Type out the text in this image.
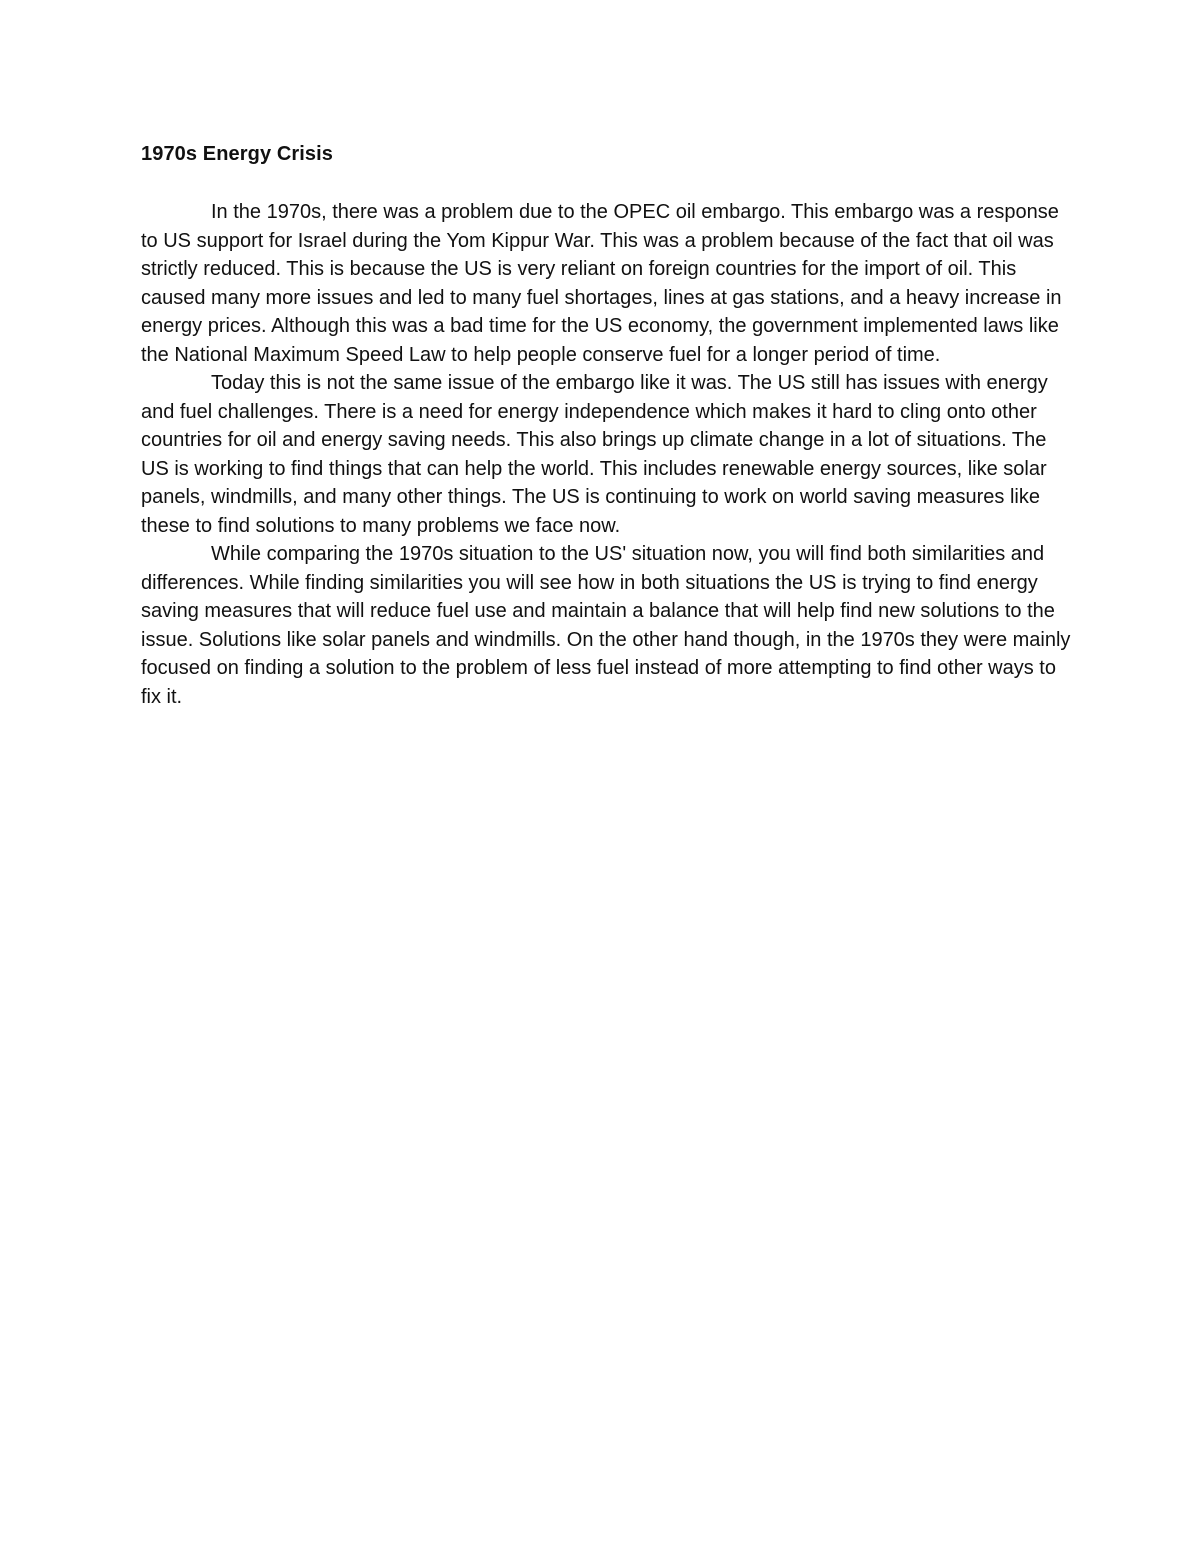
1970s Energy Crisis

In the 1970s, there was a problem due to the OPEC oil embargo. This embargo was a response to US support for Israel during the Yom Kippur War. This was a problem because of the fact that oil was strictly reduced. This is because the US is very reliant on foreign countries for the import of oil. This caused many more issues and led to many fuel shortages, lines at gas stations, and a heavy increase in energy prices. Although this was a bad time for the US economy, the government implemented laws like the National Maximum Speed Law to help people conserve fuel for a longer period of time.

Today this is not the same issue of the embargo like it was. The US still has issues with energy and fuel challenges. There is a need for energy independence which makes it hard to cling onto other countries for oil and energy saving needs. This also brings up climate change in a lot of situations. The US is working to find things that can help the world. This includes renewable energy sources, like solar panels, windmills, and many other things. The US is continuing to work on world saving measures like these to find solutions to many problems we face now.

While comparing the 1970s situation to the US' situation now, you will find both similarities and differences. While finding similarities you will see how in both situations the US is trying to find energy saving measures that will reduce fuel use and maintain a balance that will help find new solutions to the issue. Solutions like solar panels and windmills. On the other hand though, in the 1970s they were mainly focused on finding a solution to the problem of less fuel instead of more attempting to find other ways to fix it.
